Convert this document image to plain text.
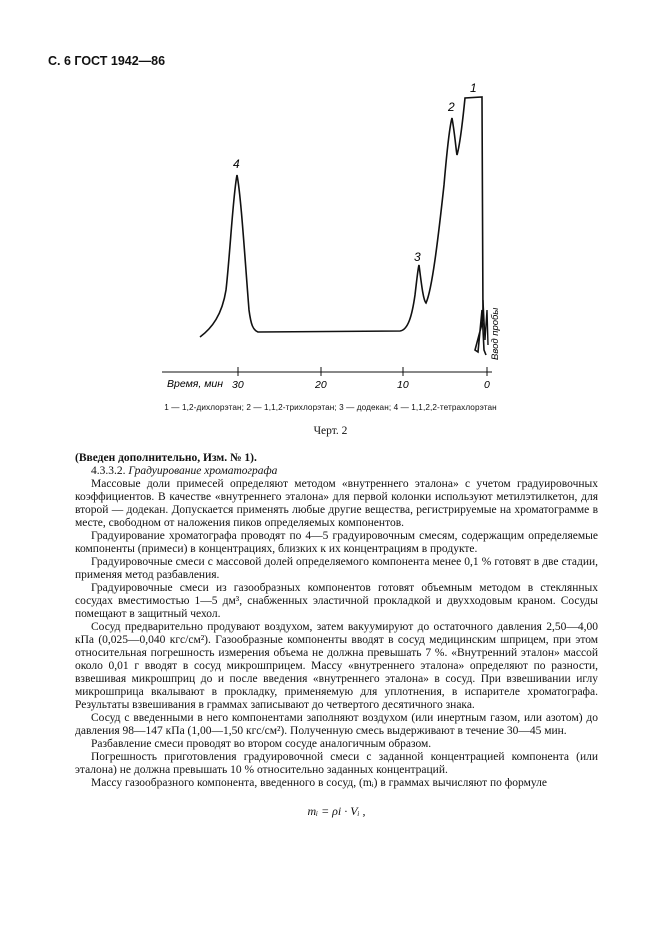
С. 6 ГОСТ 1942—86
4
3
2
1
Ввод пробы
Время, мин 30	20	10	0
1 — 1,2-дихлорэтан; 2 — 1,1,2-трихлорэтан; 3 — додекан; 4 — 1,1,2,2-тетрахлорэтан
Черт. 2

(Введен дополнительно, Изм. № 1).

4.3.3.2. Градуирование хроматографа

Массовые доли примесей определяют методом «внутреннего эталона» с учетом градуировочных коэффициентов. В качестве «внутреннего эталона» для первой колонки используют метилэтилкетон, для второй — додекан. Допускается применять любые другие вещества, регистрируемые на хроматограмме в месте, свободном от наложения пиков определяемых компонентов.

Градуирование хроматографа проводят по 4—5 градуировочным смесям, содержащим определяемые компоненты (примеси) в концентрациях, близких к их концентрациям в продукте.

Градуировочные смеси с массовой долей определяемого компонента менее 0,1 % готовят в две стадии, применяя метод разбавления.

Градуировочные смеси из газообразных компонентов готовят объемным методом в стеклянных сосудах вместимостью 1—5 дм³, снабженных эластичной прокладкой и двухходовым краном. Сосуды помещают в защитный чехол.

Сосуд предварительно продувают воздухом, затем вакуумируют до остаточного давления 2,50—4,00 кПа (0,025—0,040 кгс/см²). Газообразные компоненты вводят в сосуд медицинским шприцем, при этом относительная погрешность измерения объема не должна превышать 7 %. «Внутренний эталон» массой около 0,01 г вводят в сосуд микрошприцем. Массу «внутреннего эталона» определяют по разности, взвешивая микрошприц до и после введения «внутреннего эталона» в сосуд. При взвешивании иглу микрошприца вкалывают в прокладку, применяемую для уплотнения, в испарителе хроматографа. Результаты взвешивания в граммах записывают до четвертого десятичного знака.

Сосуд с введенными в него компонентами заполняют воздухом (или инертным газом, или азотом) до давления 98—147 кПа (1,00—1,50 кгс/см²). Полученную смесь выдерживают в течение 30—45 мин.

Разбавление смеси проводят во втором сосуде аналогичным образом.

Погрешность приготовления градуировочной смеси с заданной концентрацией компонента (или эталона) не должна превышать 10 % относительно заданных концентраций.

Массу газообразного компонента, введенного в сосуд, (mᵢ) в граммах вычисляют по формуле

mᵢ = ρi · Vᵢ ,
